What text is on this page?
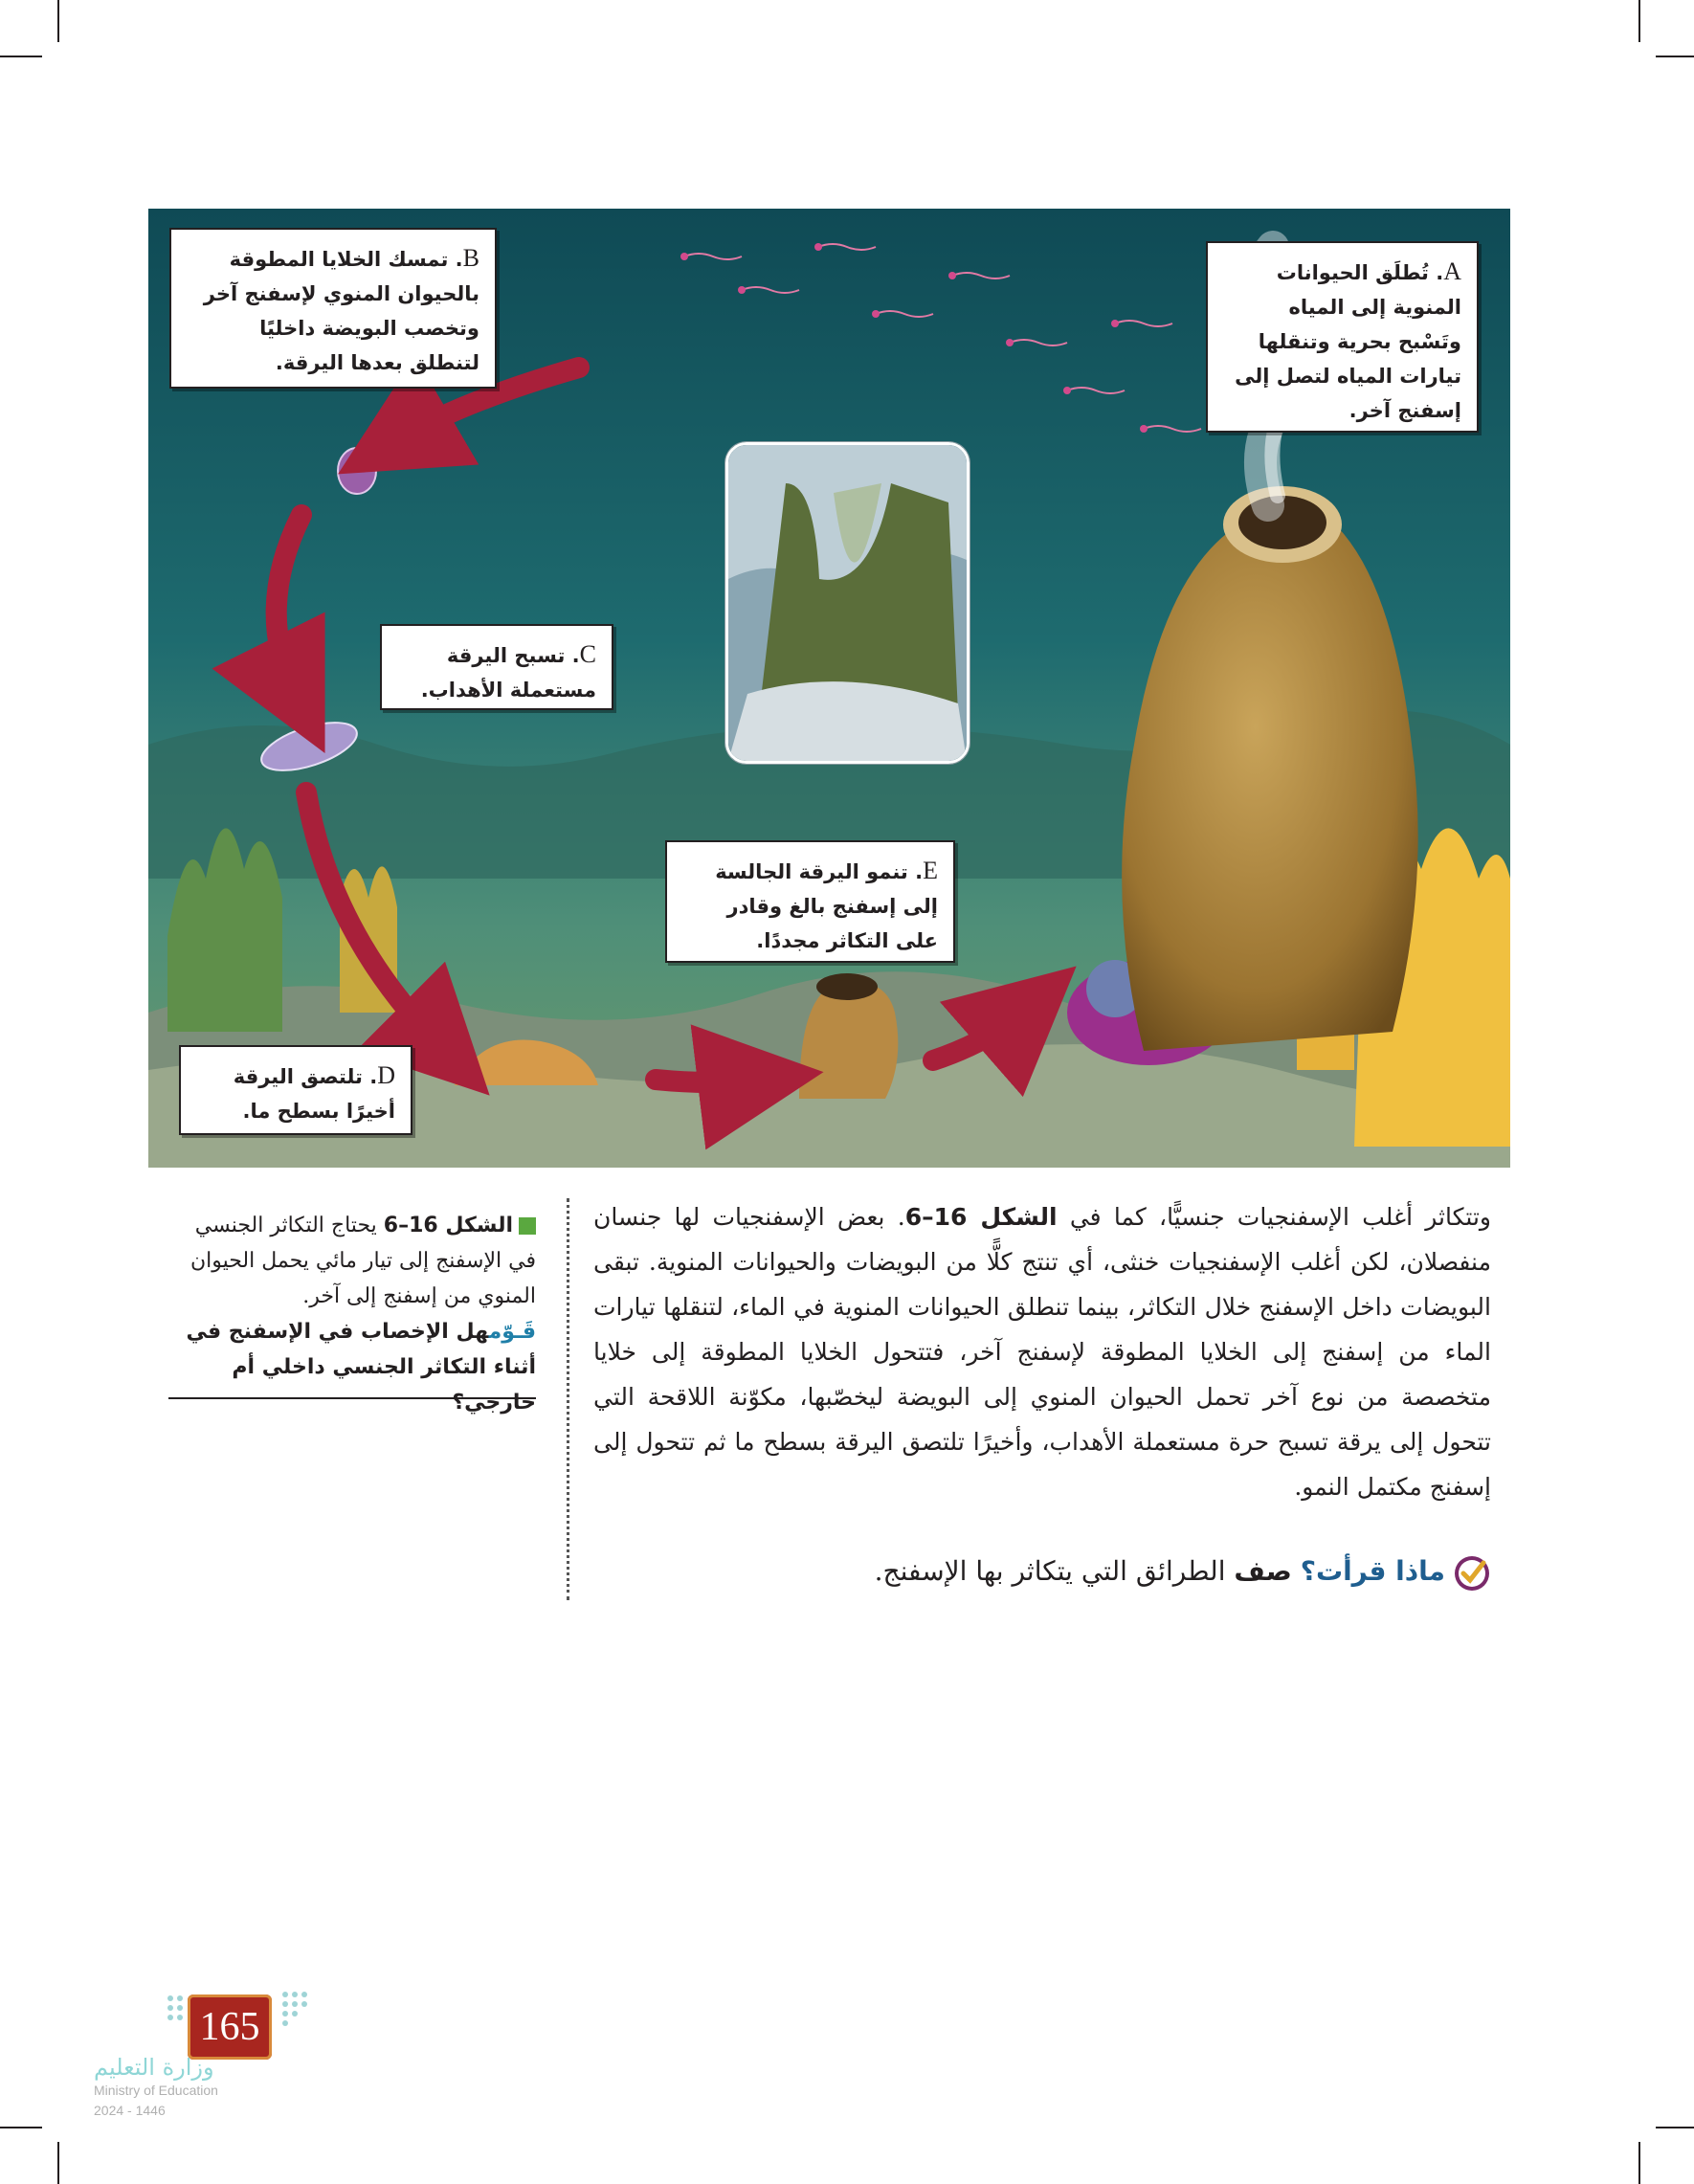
A. تُطلَق الحيوانات المنوية إلى المياه وتَسْبح بحرية وتنقلها تيارات المياه لتصل إلى إسفنج آخر.
B. تمسك الخلايا المطوقة بالحيوان المنوي لإسفنج آخر وتخصب البويضة داخليًا لتنطلق بعدها اليرقة.
C. تسبح اليرقة مستعملة الأهداب.
D. تلتصق اليرقة أخيرًا بسطح ما.
E. تنمو اليرقة الجالسة إلى إسفنج بالغ وقادر على التكاثر مجددًا.
وتتكاثر أغلب الإسفنجيات جنسيًّا، كما في الشكل 16–6. بعض الإسفنجيات لها جنسان منفصلان، لكن أغلب الإسفنجيات خنثى، أي تنتج كلًّا من البويضات والحيوانات المنوية. تبقى البويضات داخل الإسفنج خلال التكاثر، بينما تنطلق الحيوانات المنوية في الماء، لتنقلها تيارات الماء من إسفنج إلى الخلايا المطوقة لإسفنج آخر، فتتحول الخلايا المطوقة إلى خلايا متخصصة من نوع آخر تحمل الحيوان المنوي إلى البويضة ليخصّبها، مكوّنة اللاقحة التي تتحول إلى يرقة تسبح حرة مستعملة الأهداب، وأخيرًا تلتصق اليرقة بسطح ما ثم تتحول إلى إسفنج مكتمل النمو.
ماذا قرأت؟ صف الطرائق التي يتكاثر بها الإسفنج.
الشكل 16–6 يحتاج التكاثر الجنسي في الإسفنج إلى تيار مائي يحمل الحيوان المنوي من إسفنج إلى آخر.
قَـوّمهل الإخصاب في الإسفنج في أثناء التكاثر الجنسي داخلي أم خارجي؟
165
وزارة التعليم
Ministry of Education
2024 - 1446
